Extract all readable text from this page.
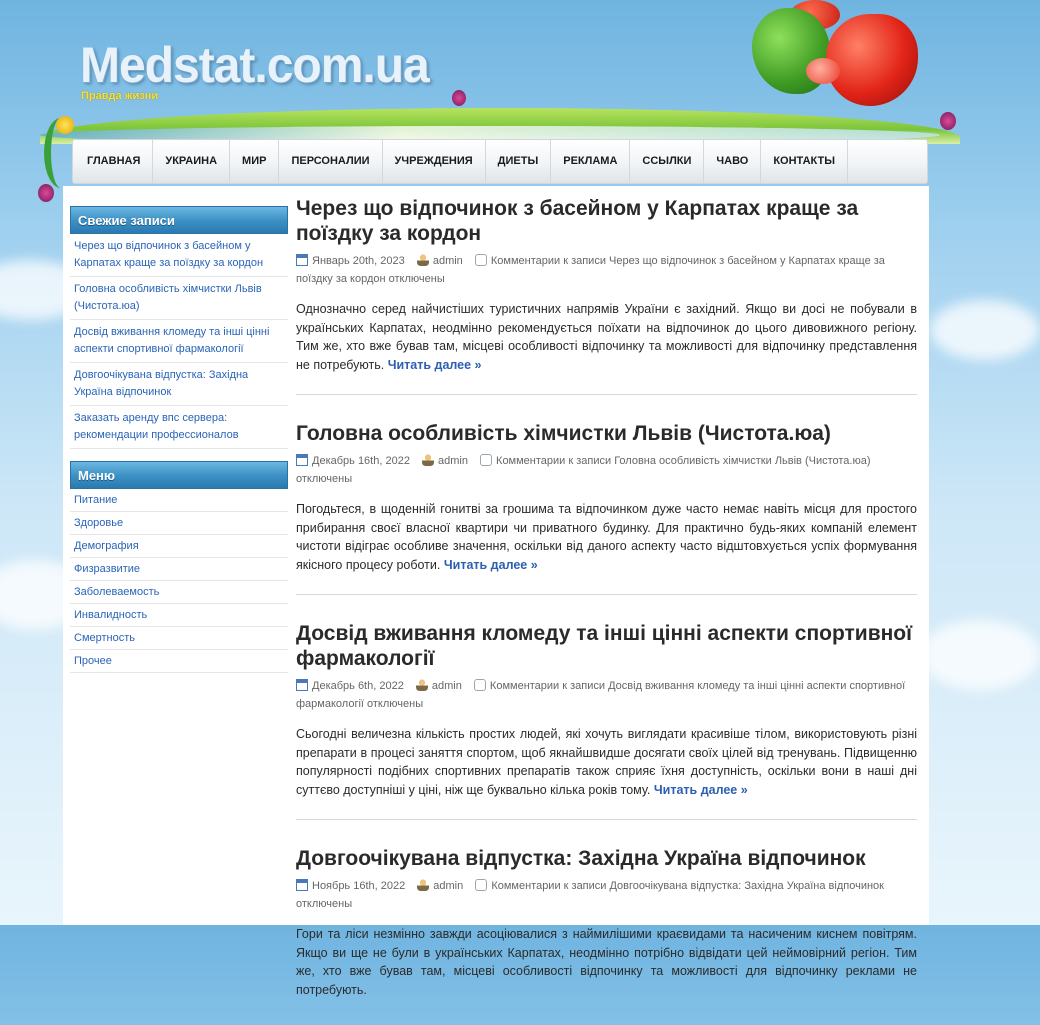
Medstat.com.ua
Правда жизни
ГЛАВНАЯ	УКРАИНА	МИР	ПЕРСОНАЛИИ	УЧРЕЖДЕНИЯ	ДИЕТЫ	РЕКЛАМА	ССЫЛКИ	ЧАВО	КОНТАКТЫ
Свежие записи
Через що відпочинок з басейном у Карпатах краще за поїздку за кордон
Головна особливість хімчистки Львів (Чистота.юа)
Досвід вживання кломеду та інші цінні аспекти спортивної фармакології
Довгоочікувана відпустка: Західна Україна відпочинок
Заказать аренду впс сервера: рекомендации профессионалов
Меню
Питание
Здоровье
Демография
Физразвитие
Заболеваемость
Инвалидность
Смертность
Прочее
Через що відпочинок з басейном у Карпатах краще за поїздку за кордон
Январь 20th, 2023	admin	Комментарии к записи Через що відпочинок з басейном у Карпатах краще за поїздку за кордон отключены

Однозначно серед найчистіших туристичних напрямів України є західний. Якщо ви досі не побували в українських Карпатах, неодмінно рекомендується поїхати на відпочинок до цього дивовижного регіону. Тим же, хто вже бував там, місцеві особливості відпочинку та можливості для відпочинку представлення не потребують. Читать далее »

Головна особливість хімчистки Львів (Чистота.юа)
Декабрь 16th, 2022	admin	Комментарии к записи Головна особливість хімчистки Львів (Чистота.юа) отключены

Погодьтеся, в щоденній гонитві за грошима та відпочинком дуже часто немає навіть місця для простого прибирання своєї власної квартири чи приватного будинку. Для практично будь-яких компаній елемент чистоти відіграє особливе значення, оскільки від даного аспекту часто відштовхується успіх формування якісного процесу роботи. Читать далее »

Досвід вживання кломеду та інші цінні аспекти спортивної фармакології
Декабрь 6th, 2022	admin	Комментарии к записи Досвід вживання кломеду та інші цінні аспекти спортивної фармакології отключены

Сьогодні величезна кількість простих людей, які хочуть виглядати красивіше тілом, використовують різні препарати в процесі заняття спортом, щоб якнайшвидше досягати своїх цілей від тренувань. Підвищенню популярності подібних спортивних препаратів також сприяє їхня доступність, оскільки вони в наші дні суттєво доступніші у ціні, ніж ще буквально кілька років тому. Читать далее »

Довгоочікувана відпустка: Західна Україна відпочинок
Ноябрь 16th, 2022	admin	Комментарии к записи Довгоочікувана відпустка: Західна Україна відпочинок отключены

Гори та ліси незмінно завжди асоціювалися з наймилішими краєвидами та насиченим киснем повітрям. Якщо ви ще не були в українських Карпатах, неодмінно потрібно відвідати цей неймовірний регіон. Тим же, хто вже бував там, місцеві особливості відпочинку та можливості для відпочинку реклами не потребують.
